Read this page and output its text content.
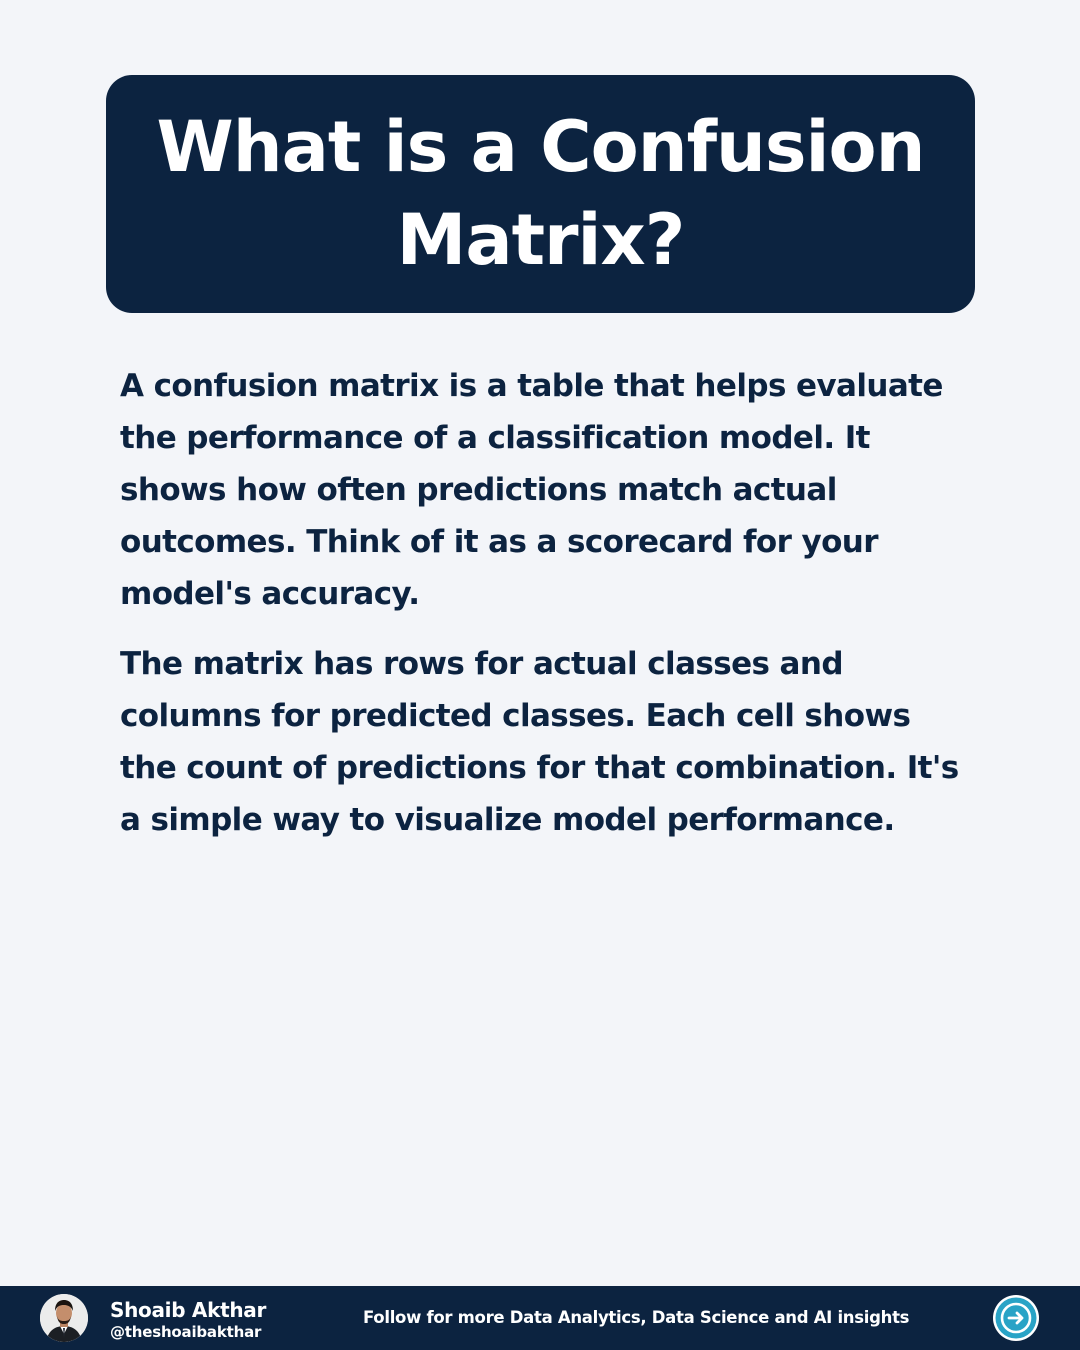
What is a Confusion Matrix?

A confusion matrix is a table that helps evaluate the performance of a classification model. It shows how often predictions match actual outcomes. Think of it as a scorecard for your model's accuracy.

The matrix has rows for actual classes and columns for predicted classes. Each cell shows the count of predictions for that combination. It's a simple way to visualize model performance.

Shoaib Akthar
@theshoaibakthar
Follow for more Data Analytics, Data Science and AI insights
